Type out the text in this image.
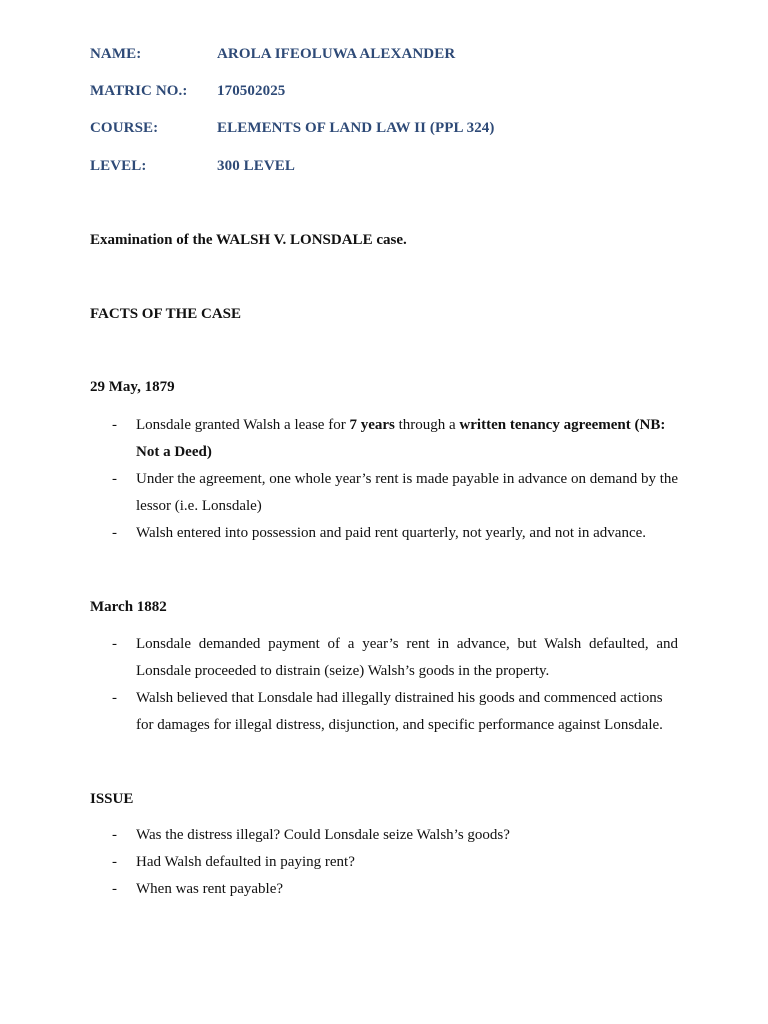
NAME:	AROLA IFEOLUWA ALEXANDER
MATRIC NO.: 170502025
COURSE:	ELEMENTS OF LAND LAW II (PPL 324)
LEVEL:	300 LEVEL
Examination of the WALSH V. LONSDALE case.
FACTS OF THE CASE
29 May, 1879
- Lonsdale granted Walsh a lease for 7 years through a written tenancy agreement (NB: Not a Deed)
- Under the agreement, one whole year’s rent is made payable in advance on demand by the lessor (i.e. Lonsdale)
- Walsh entered into possession and paid rent quarterly, not yearly, and not in advance.
March 1882
- Lonsdale demanded payment of a year’s rent in advance, but Walsh defaulted, and Lonsdale proceeded to distrain (seize) Walsh’s goods in the property.
- Walsh believed that Lonsdale had illegally distrained his goods and commenced actions for damages for illegal distress, disjunction, and specific performance against Lonsdale.
ISSUE
- Was the distress illegal? Could Lonsdale seize Walsh’s goods?
- Had Walsh defaulted in paying rent?
- When was rent payable?
